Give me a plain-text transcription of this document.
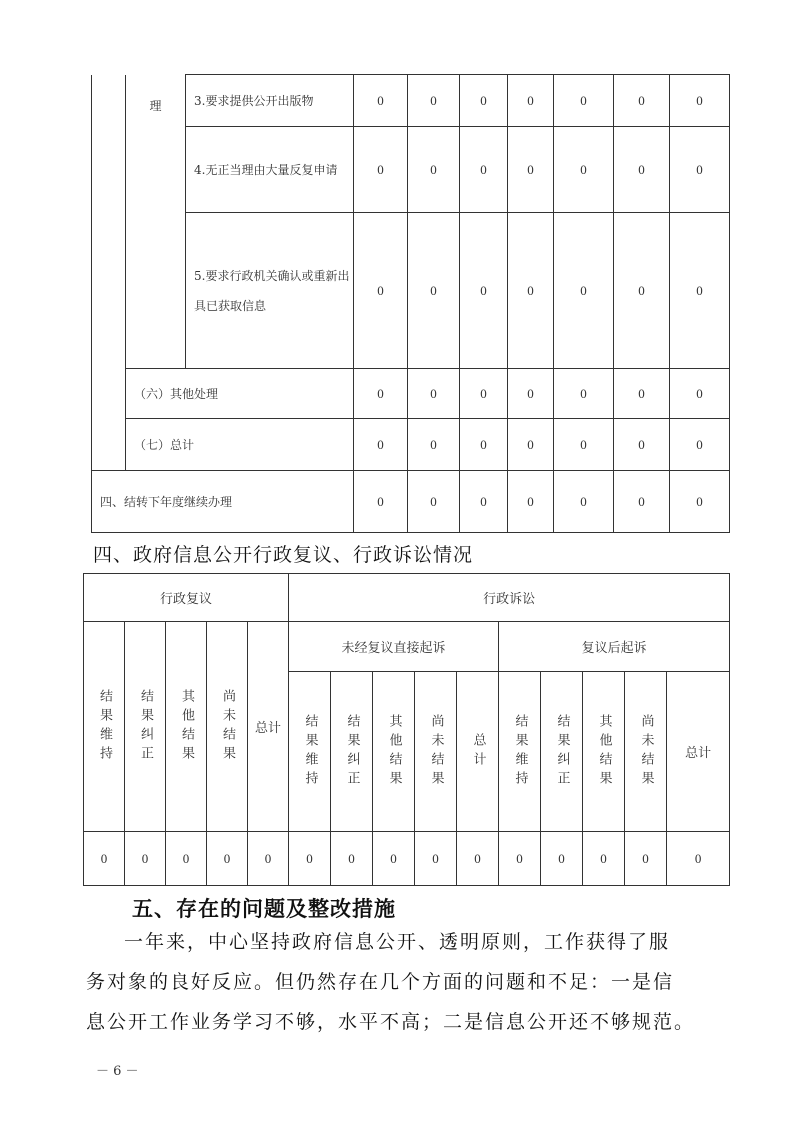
	理	3.要求提供公开出版物	0	0	0	0	0	0	0
		4.无正当理由大量反复申请	0	0	0	0	0	0	0
		5.要求行政机关确认或重新出具已获取信息	0	0	0	0	0	0	0
	（六）其他处理		0	0	0	0	0	0	0
	（七）总计		0	0	0	0	0	0	0
四、结转下年度继续办理			0	0	0	0	0	0	0
四、政府信息公开行政复议、行政诉讼情况
行政复议					行政诉讼									
结果维持	结果纠正	其他结果	尚未结果	总计	未经复议直接起诉					复议后起诉				
					结果维持	结果纠正	其他结果	尚未结果	总计	结果维持	结果纠正	其他结果	尚未结果	总计
0	0	0	0	0	0	0	0	0	0	0	0	0	0	0
五、存在的问题及整改措施

一年来，中心坚持政府信息公开、透明原则，工作获得了服

务对象的良好反应。但仍然存在几个方面的问题和不足：一是信

息公开工作业务学习不够，水平不高；二是信息公开还不够规范。

－ 6 －
